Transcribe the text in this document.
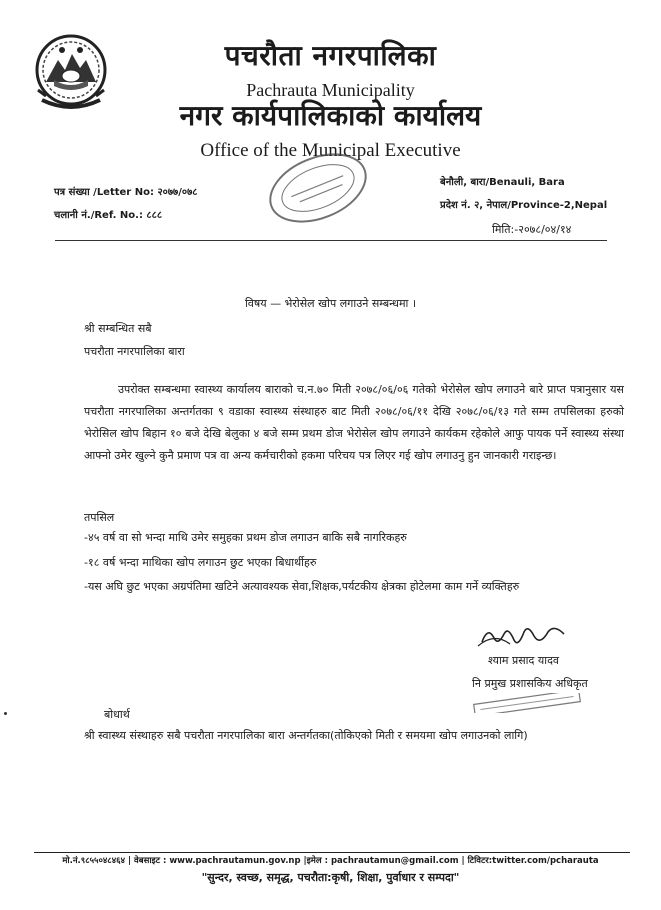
पचरौता नगरपालिका
Pachrauta Municipality
नगर कार्यपालिकाको कार्यालय
Office of the Municipal Executive
पत्र संख्या /Letter No: २०७७/०७८
चलानी नं./Ref. No.: ८८८
बेनौली, बारा/Benauli, Bara
प्रदेश नं. २, नेपाल/Province-2,Nepal
मिति:-२०७८/०४/१४
विषय — भेरोसेल खोप लगाउने सम्बन्धमा ।
श्री सम्बन्धित सबै
पचरौता नगरपालिका बारा
उपरोक्त सम्बन्धमा स्वास्थ्य कार्यालय बाराको च.न.७० मिती २०७८/०६/०६ गतेको भेरोसेल खोप लगाउने बारे प्राप्त पत्रानुसार यस पचरौता नगरपालिका अन्तर्गतका ९ वडाका स्वास्थ्य संस्थाहरु बाट मिती २०७८/०६/११ देखि २०७८/०६/१३ गते सम्म तपसिलका हरुको भेरोसिल खोप बिहान १० बजे देखि बेलुका ४ बजे सम्म प्रथम डोज भेरोसेल खोप लगाउने कार्यकम रहेकोले आफु पायक पर्ने स्वास्थ्य संस्था आफ्नो उमेर खुल्ने कुनै प्रमाण पत्र वा अन्य कर्मचारीको हकमा परिचय पत्र लिएर गई खोप लगाउनु हुन जानकारी गराइन्छ।
तपसिल
-४५ वर्ष वा सो भन्दा माथि उमेर समुहका प्रथम डोज लगाउन बाकि सबै नागरिकहरु
-१८ वर्ष भन्दा माथिका खोप लगाउन छुट भएका बिधार्थीहरु
-यस अघि छुट भएका अग्रपंतिमा खटिने अत्यावश्यक सेवा,शिक्षक,पर्यटकीय क्षेत्रका होटेलमा काम गर्ने व्यक्तिहरु
श्याम प्रसाद यादव
नि प्रमुख प्रशासकिय अधिकृत
बोधार्थ
श्री स्वास्थ्य संस्थाहरु सबै पचरौता नगरपालिका बारा अन्तर्गतका(तोकिएको मिती र समयमा खोप लगाउनको लागि)
मो.नं.९८५५०४८४६४ | वेबसाइट : www.pachrautamun.gov.np |इमेल : pachrautamun@gmail.com | टिविटर:twitter.com/pcharauta
"सुन्दर, स्वच्छ, समृद्ध, पचरौता:कृषी, शिक्षा, पुर्वाधार र सम्पदा"
